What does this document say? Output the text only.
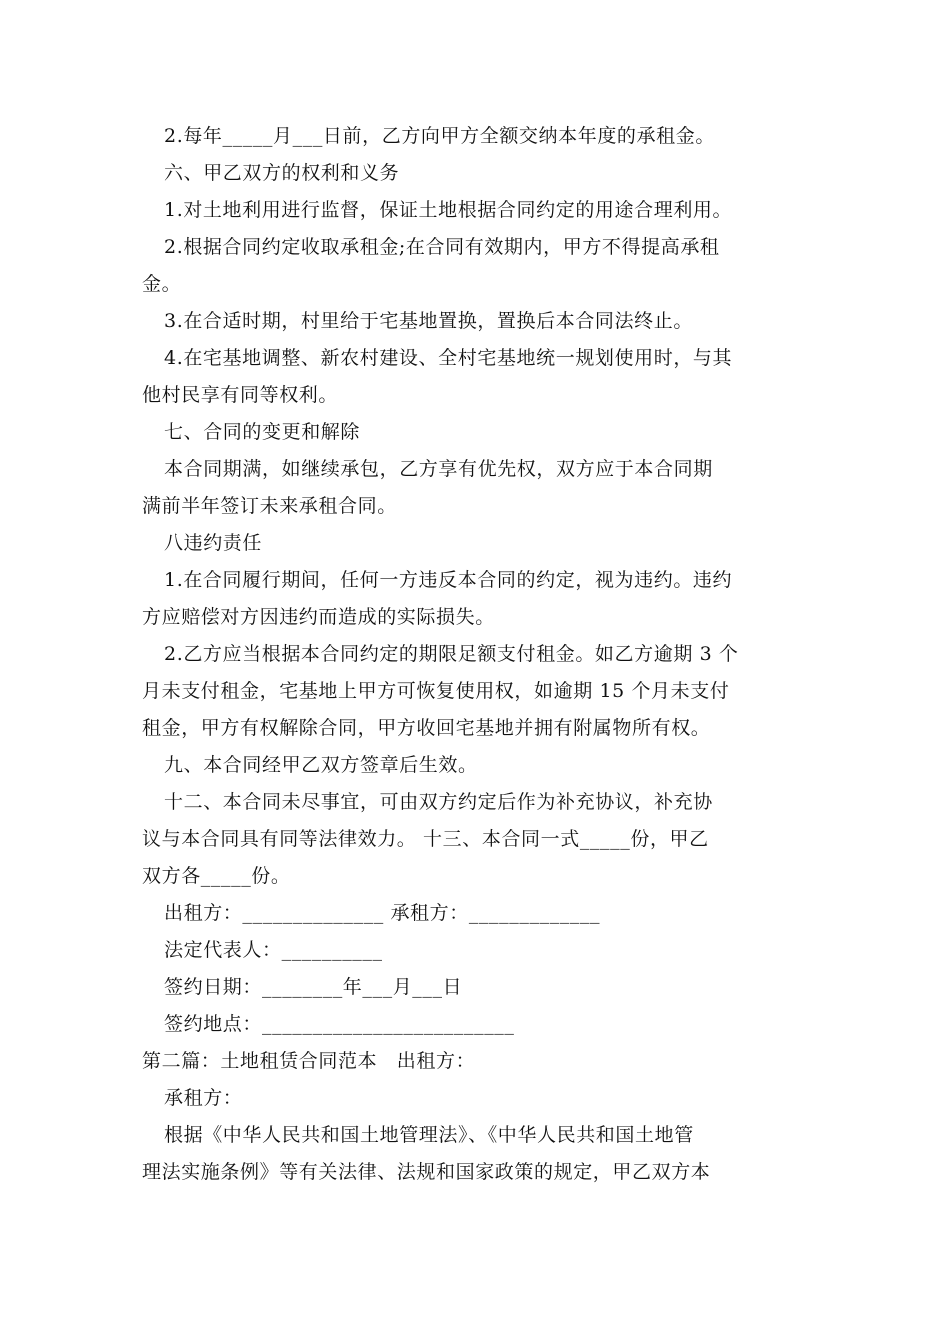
2.每年_____月___日前，乙方向甲方全额交纳本年度的承租金。
六、甲乙双方的权利和义务
1.对土地利用进行监督，保证土地根据合同约定的用途合理利用。
2.根据合同约定收取承租金;在合同有效期内，甲方不得提高承租
金。
3.在合适时期，村里给于宅基地置换，置换后本合同法终止。
4.在宅基地调整、新农村建设、全村宅基地统一规划使用时，与其
他村民享有同等权利。
七、合同的变更和解除
本合同期满，如继续承包，乙方享有优先权，双方应于本合同期
满前半年签订未来承租合同。
八违约责任
1.在合同履行期间，任何一方违反本合同的约定，视为违约。违约
方应赔偿对方因违约而造成的实际损失。
2.乙方应当根据本合同约定的期限足额支付租金。如乙方逾期 3 个
月未支付租金，宅基地上甲方可恢复使用权，如逾期 15 个月未支付
租金，甲方有权解除合同，甲方收回宅基地并拥有附属物所有权。
九、本合同经甲乙双方签章后生效。
十二、本合同未尽事宜，可由双方约定后作为补充协议，补充协
议与本合同具有同等法律效力。 十三、本合同一式_____份，甲乙
双方各_____份。
出租方：______________ 承租方：_____________
法定代表人：__________
签约日期：________年___月___日
签约地点：_________________________
第二篇：土地租赁合同范本　出租方：
承租方：
根据《中华人民共和国土地管理法》、《中华人民共和国土地管
理法实施条例》等有关法律、法规和国家政策的规定，甲乙双方本
